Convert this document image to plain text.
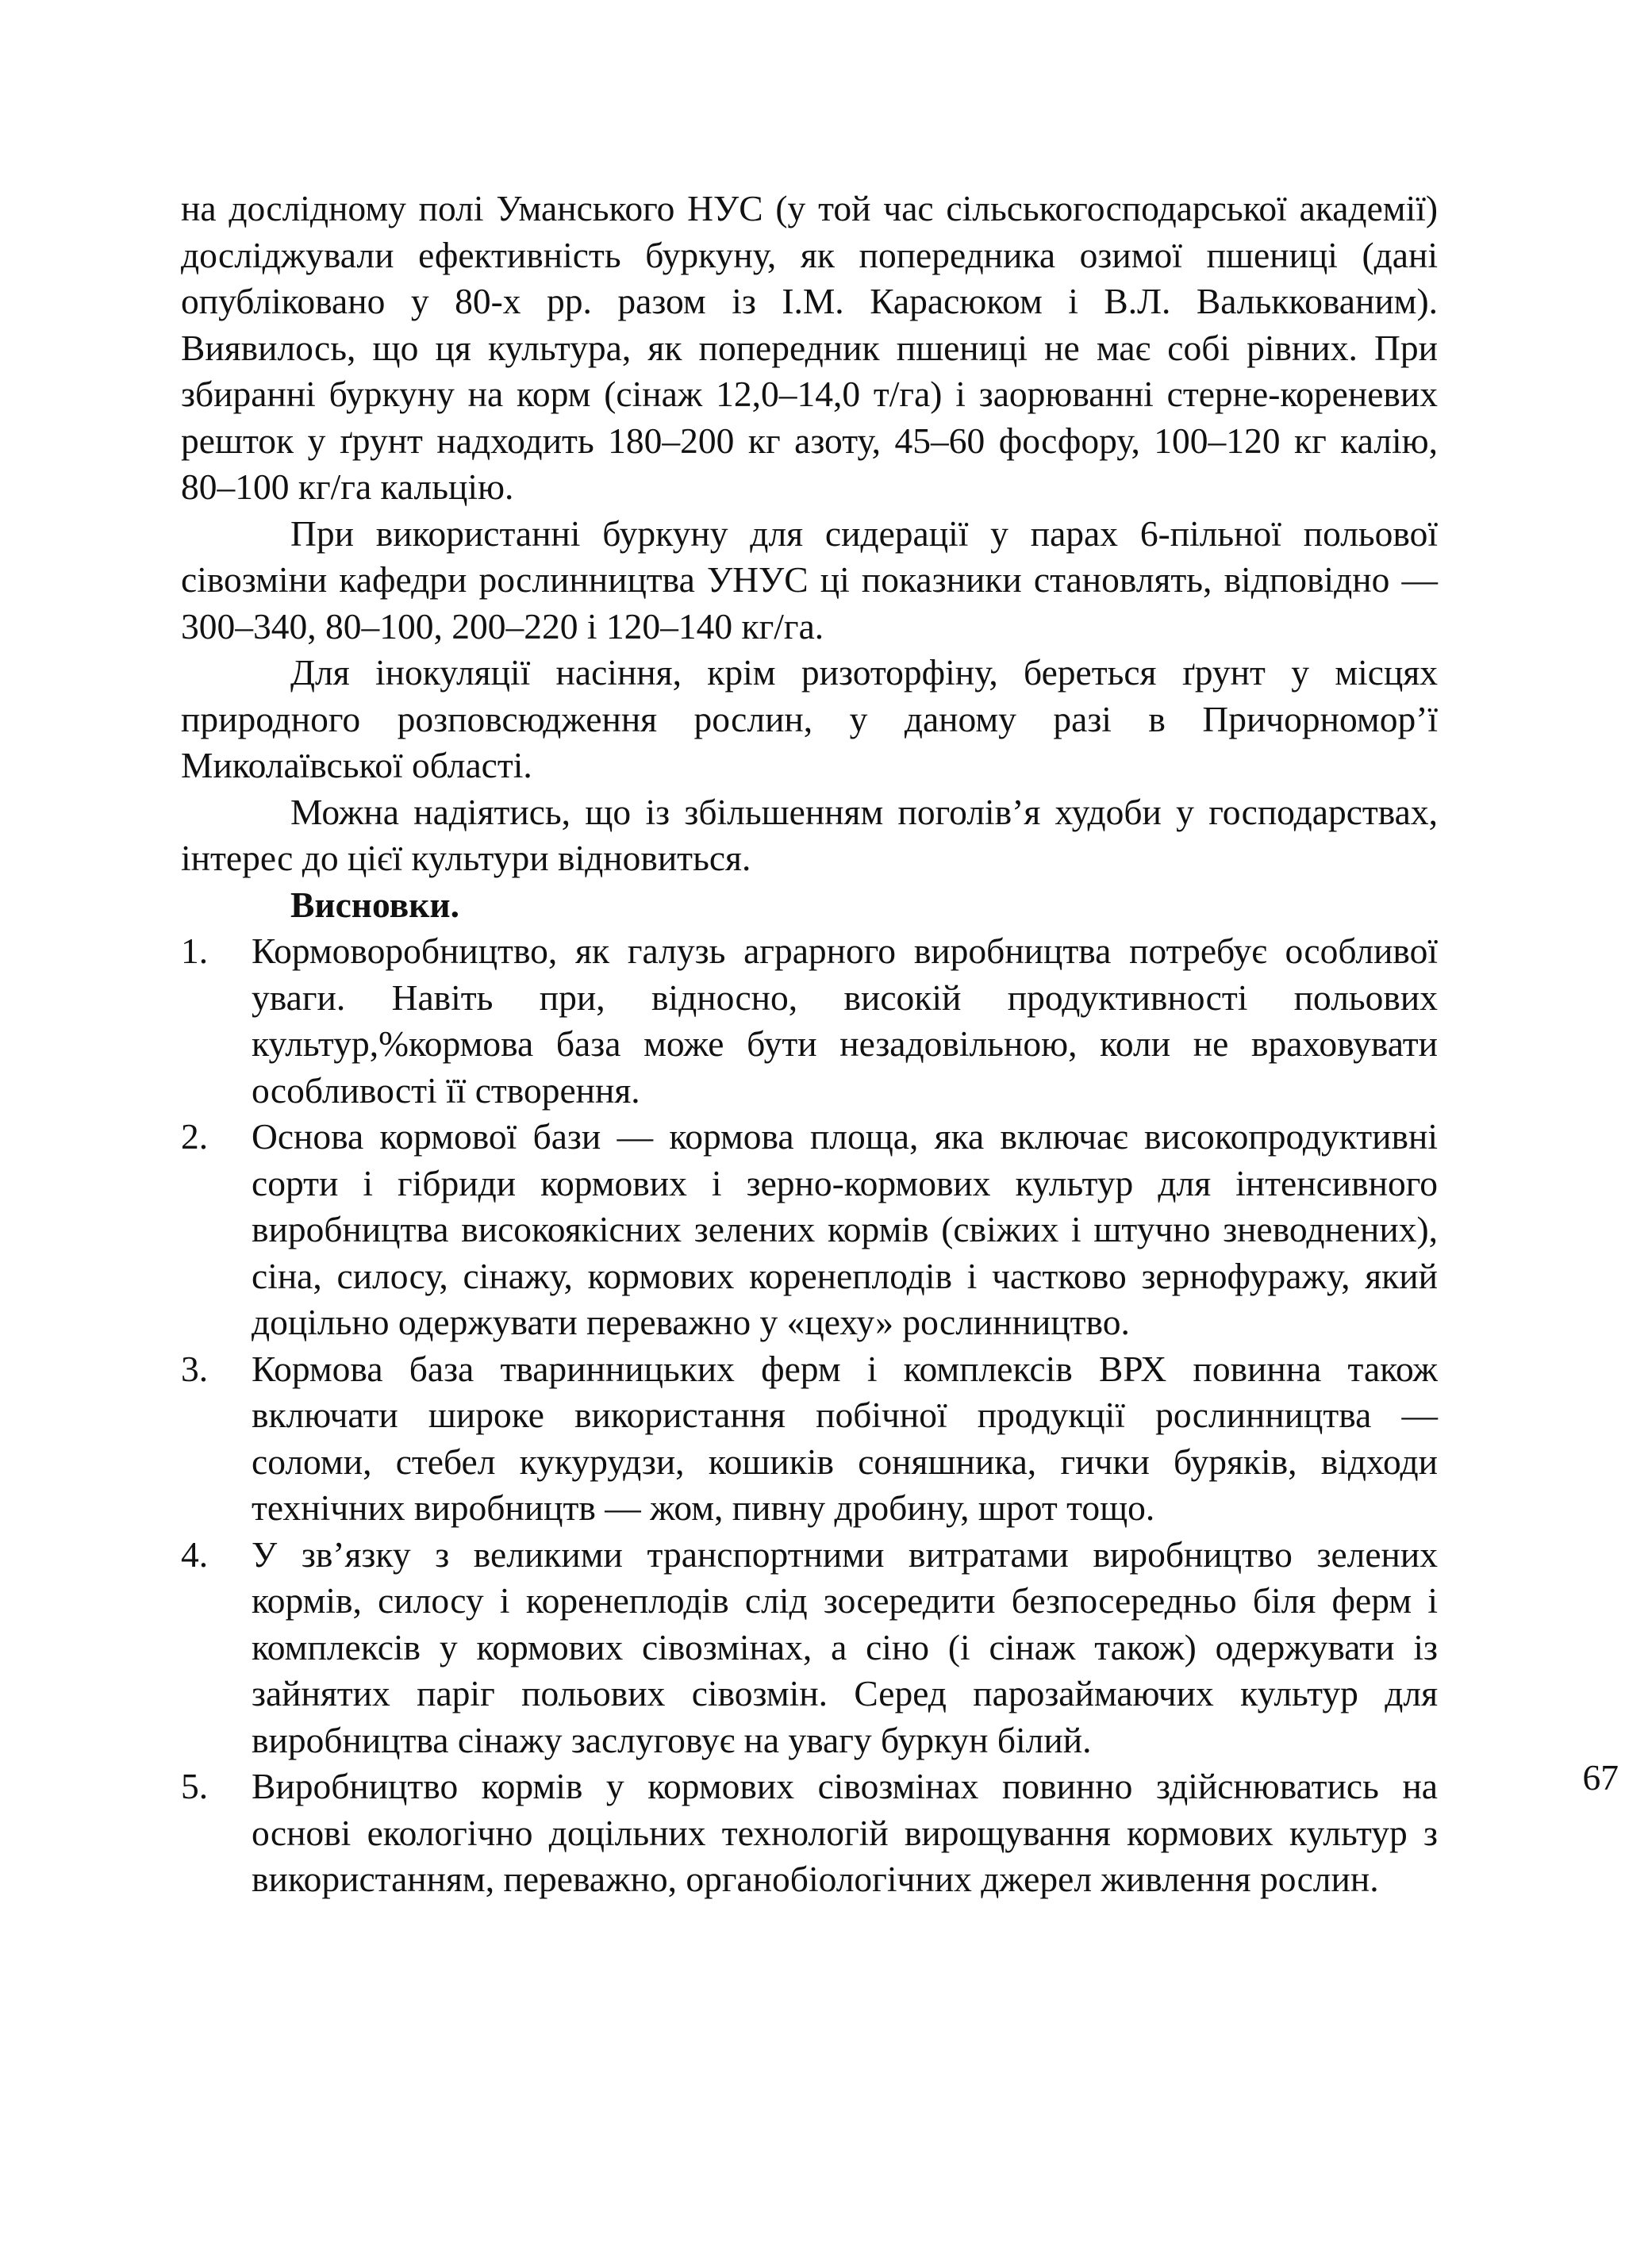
на дослідному полі Уманського НУС (у той час сільськогосподарської академії) досліджували ефективність буркуну, як попередника озимої пшениці (дані опубліковано у 80-х рр. разом із І.М. Карасюком і В.Л. Вальккованим). Виявилось, що ця культура, як попередник пшениці не має собі рівних. При збиранні буркуну на корм (сінаж 12,0–14,0 т/га) і заорюванні стерне-кореневих решток у ґрунт надходить 180–200 кг азоту, 45–60 фосфору, 100–120 кг калію, 80–100 кг/га кальцію.

При використанні буркуну для сидерації у парах 6-пільної польової сівозміни кафедри рослинництва УНУС ці показники становлять, відповідно — 300–340, 80–100, 200–220 і 120–140 кг/га.

Для інокуляції насіння, крім ризоторфіну, береться ґрунт у місцях природного розповсюдження рослин, у даному разі в Причорномор’ї Миколаївської області.

Можна надіятись, що із збільшенням поголів’я худоби у господарствах, інтерес до цієї культури відновиться.

Висновки.

1.	Кормоворобництво, як галузь аграрного виробництва потребує особливої уваги. Навіть при, відносно, високій продуктивності польових культур,%кормова база може бути незадовільною, коли не враховувати особливості її створення.
2.	Основа кормової бази — кормова площа, яка включає високопродуктивні сорти і гібриди кормових і зерно-кормових культур для інтенсивного виробництва високоякісних зелених кормів (свіжих і штучно зневоднених), сіна, силосу, сінажу, кормових коренеплодів і частково зернофуражу, який доцільно одержувати переважно у «цеху» рослинництво.
3.	Кормова база тваринницьких ферм і комплексів ВРХ повинна також включати широке використання побічної продукції рослинництва — соломи, стебел кукурудзи, кошиків соняшника, гички буряків, відходи технічних виробництв — жом, пивну дробину, шрот тощо.
4.	У зв’язку з великими транспортними витратами виробництво зелених кормів, силосу і коренеплодів слід зосередити безпосередньо біля ферм і комплексів у кормових сівозмінах, а сіно (і сінаж також) одержувати із зайнятих паріг польових сівозмін. Серед парозаймаючих культур для виробництва сінажу заслуговує на увагу буркун білий.
5.	Виробництво кормів у кормових сівозмінах повинно здійснюватись на основі екологічно доцільних технологій вирощування кормових культур з використанням, переважно, органобіологічних джерел живлення рослин.
67
